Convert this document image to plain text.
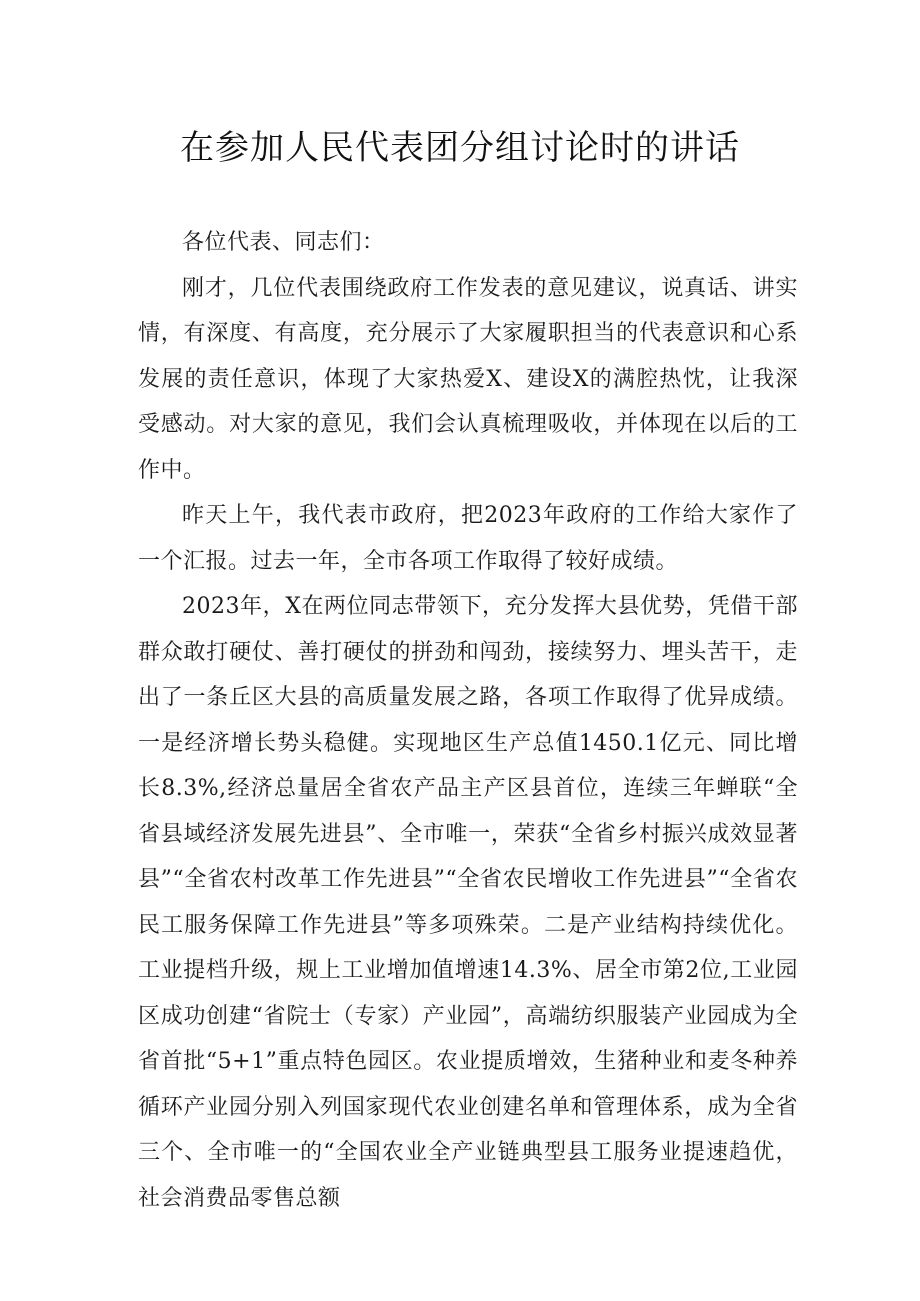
在参加人民代表团分组讨论时的讲话

各位代表、同志们：

刚才，几位代表围绕政府工作发表的意见建议，说真话、讲实情，有深度、有高度，充分展示了大家履职担当的代表意识和心系发展的责任意识，体现了大家热爱X、建设X的满腔热忱，让我深受感动。对大家的意见，我们会认真梳理吸收，并体现在以后的工作中。

昨天上午，我代表市政府，把2023年政府的工作给大家作了一个汇报。过去一年，全市各项工作取得了较好成绩。

2023年，X在两位同志带领下，充分发挥大县优势，凭借干部群众敢打硬仗、善打硬仗的拼劲和闯劲，接续努力、埋头苦干，走出了一条丘区大县的高质量发展之路，各项工作取得了优异成绩。一是经济增长势头稳健。实现地区生产总值1450.1亿元、同比增长8.3%,经济总量居全省农产品主产区县首位，连续三年蝉联“全省县域经济发展先进县”、全市唯一，荣获“全省乡村振兴成效显著县”“全省农村改革工作先进县”“全省农民增收工作先进县”“全省农民工服务保障工作先进县”等多项殊荣。二是产业结构持续优化。工业提档升级，规上工业增加值增速14.3%、居全市第2位,工业园区成功创建“省院士（专家）产业园”，高端纺织服装产业园成为全省首批“5+1”重点特色园区。农业提质增效，生猪种业和麦冬种养循环产业园分别入列国家现代农业创建名单和管理体系，成为全省三个、全市唯一的“全国农业全产业链典型县工服务业提速趋优，社会消费品零售总额
